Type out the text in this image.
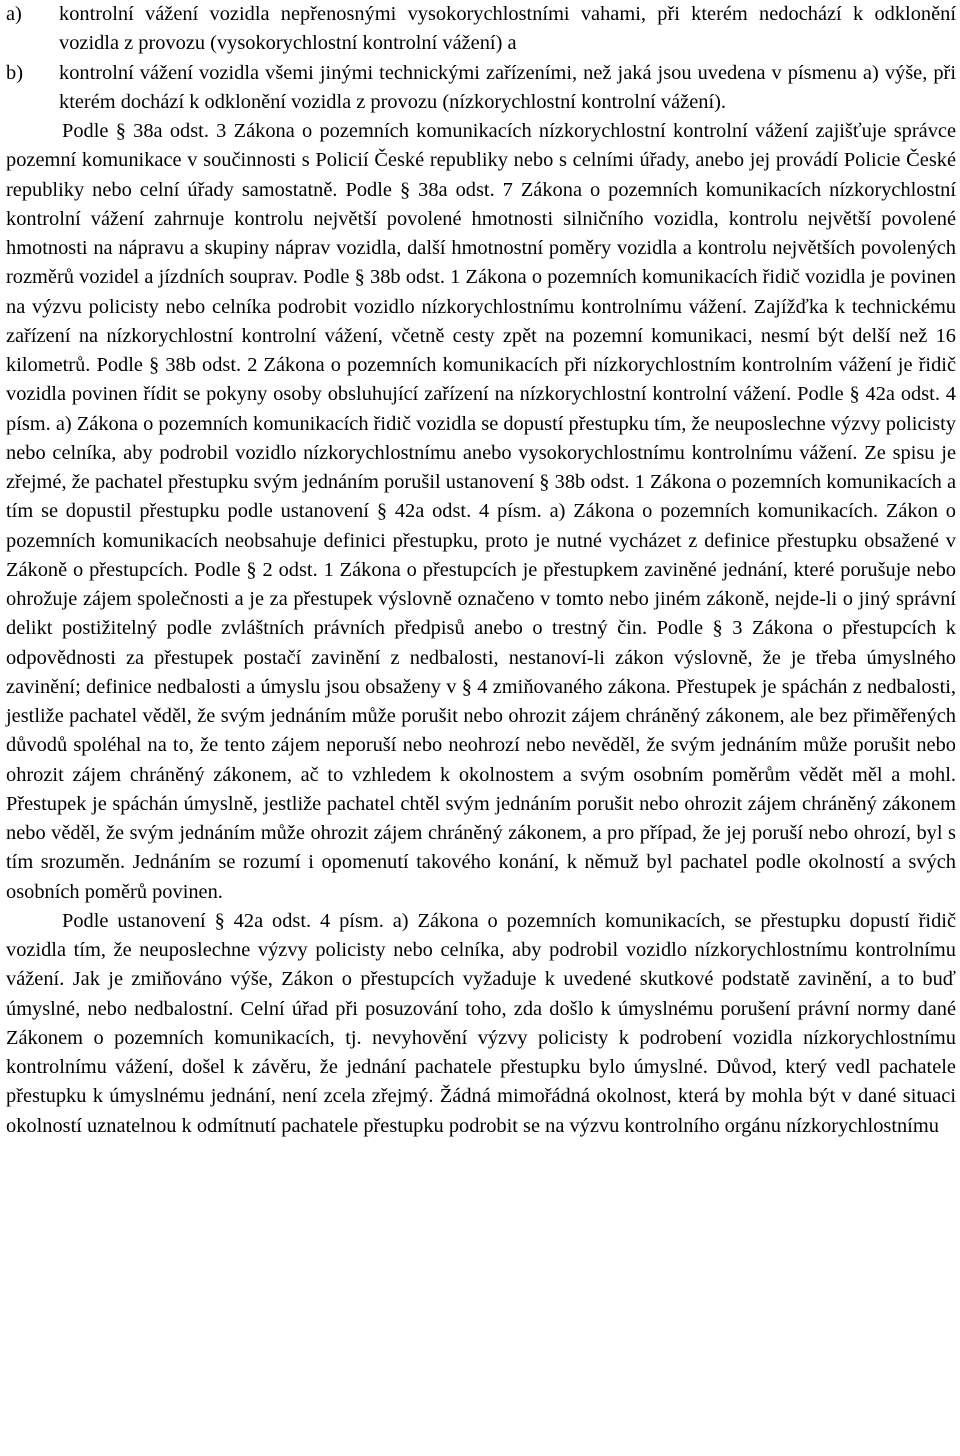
a) kontrolní vážení vozidla nepřenosnými vysokorychlostními vahami, při kterém nedochází k odklonění vozidla z provozu (vysokorychlostní kontrolní vážení) a
b) kontrolní vážení vozidla všemi jinými technickými zařízeními, než jaká jsou uvedena v písmenu a) výše, při kterém dochází k odklonění vozidla z provozu (nízkorychlostní kontrolní vážení).

Podle § 38a odst. 3 Zákona o pozemních komunikacích nízkorychlostní kontrolní vážení zajišťuje správce pozemní komunikace v součinnosti s Policií České republiky nebo s celními úřady, anebo jej provádí Policie České republiky nebo celní úřady samostatně. Podle § 38a odst. 7 Zákona o pozemních komunikacích nízkorychlostní kontrolní vážení zahrnuje kontrolu největší povolené hmotnosti silničního vozidla, kontrolu největší povolené hmotnosti na nápravu a skupiny náprav vozidla, další hmotnostní poměry vozidla a kontrolu největších povolených rozměrů vozidel a jízdních souprav. Podle § 38b odst. 1 Zákona o pozemních komunikacích řidič vozidla je povinen na výzvu policisty nebo celníka podrobit vozidlo nízkorychlostnímu kontrolnímu vážení. Zajížďka k technickému zařízení na nízkorychlostní kontrolní vážení, včetně cesty zpět na pozemní komunikaci, nesmí být delší než 16 kilometrů. Podle § 38b odst. 2 Zákona o pozemních komunikacích při nízkorychlostním kontrolním vážení je řidič vozidla povinen řídit se pokyny osoby obsluhující zařízení na nízkorychlostní kontrolní vážení. Podle § 42a odst. 4 písm. a) Zákona o pozemních komunikacích řidič vozidla se dopustí přestupku tím, že neuposlechne výzvy policisty nebo celníka, aby podrobil vozidlo nízkorychlostnímu anebo vysokorychlostnímu kontrolnímu vážení. Ze spisu je zřejmé, že pachatel přestupku svým jednáním porušil ustanovení § 38b odst. 1 Zákona o pozemních komunikacích a tím se dopustil přestupku podle ustanovení § 42a odst. 4 písm. a) Zákona o pozemních komunikacích. Zákon o pozemních komunikacích neobsahuje definici přestupku, proto je nutné vycházet z definice přestupku obsažené v Zákoně o přestupcích. Podle § 2 odst. 1 Zákona o přestupcích je přestupkem zaviněné jednání, které porušuje nebo ohrožuje zájem společnosti a je za přestupek výslovně označeno v tomto nebo jiném zákoně, nejde-li o jiný správní delikt postižitelný podle zvláštních právních předpisů anebo o trestný čin. Podle § 3 Zákona o přestupcích k odpovědnosti za přestupek postačí zavinění z nedbalosti, nestanoví-li zákon výslovně, že je třeba úmyslného zavinění; definice nedbalosti a úmyslu jsou obsaženy v § 4 zmiňovaného zákona. Přestupek je spáchán z nedbalosti, jestliže pachatel věděl, že svým jednáním může porušit nebo ohrozit zájem chráněný zákonem, ale bez přiměřených důvodů spoléhal na to, že tento zájem neporuší nebo neohrozí nebo nevěděl, že svým jednáním může porušit nebo ohrozit zájem chráněný zákonem, ač to vzhledem k okolnostem a svým osobním poměrům vědět měl a mohl. Přestupek je spáchán úmyslně, jestliže pachatel chtěl svým jednáním porušit nebo ohrozit zájem chráněný zákonem nebo věděl, že svým jednáním může ohrozit zájem chráněný zákonem, a pro případ, že jej poruší nebo ohrozí, byl s tím srozuměn. Jednáním se rozumí i opomenutí takového konání, k němuž byl pachatel podle okolností a svých osobních poměrů povinen.

Podle ustanovení § 42a odst. 4 písm. a) Zákona o pozemních komunikacích, se přestupku dopustí řidič vozidla tím, že neuposlechne výzvy policisty nebo celníka, aby podrobil vozidlo nízkorychlostnímu kontrolnímu vážení. Jak je zmiňováno výše, Zákon o přestupcích vyžaduje k uvedené skutkové podstatě zavinění, a to buď úmyslné, nebo nedbalostní. Celní úřad při posuzování toho, zda došlo k úmyslnému porušení právní normy dané Zákonem o pozemních komunikacích, tj. nevyhovění výzvy policisty k podrobení vozidla nízkorychlostnímu kontrolnímu vážení, došel k závěru, že jednání pachatele přestupku bylo úmyslné. Důvod, který vedl pachatele přestupku k úmyslnému jednání, není zcela zřejmý. Žádná mimořádná okolnost, která by mohla být v dané situaci okolností uznatelnou k odmítnutí pachatele přestupku podrobit se na výzvu kontrolního orgánu nízkorychlostnímu
